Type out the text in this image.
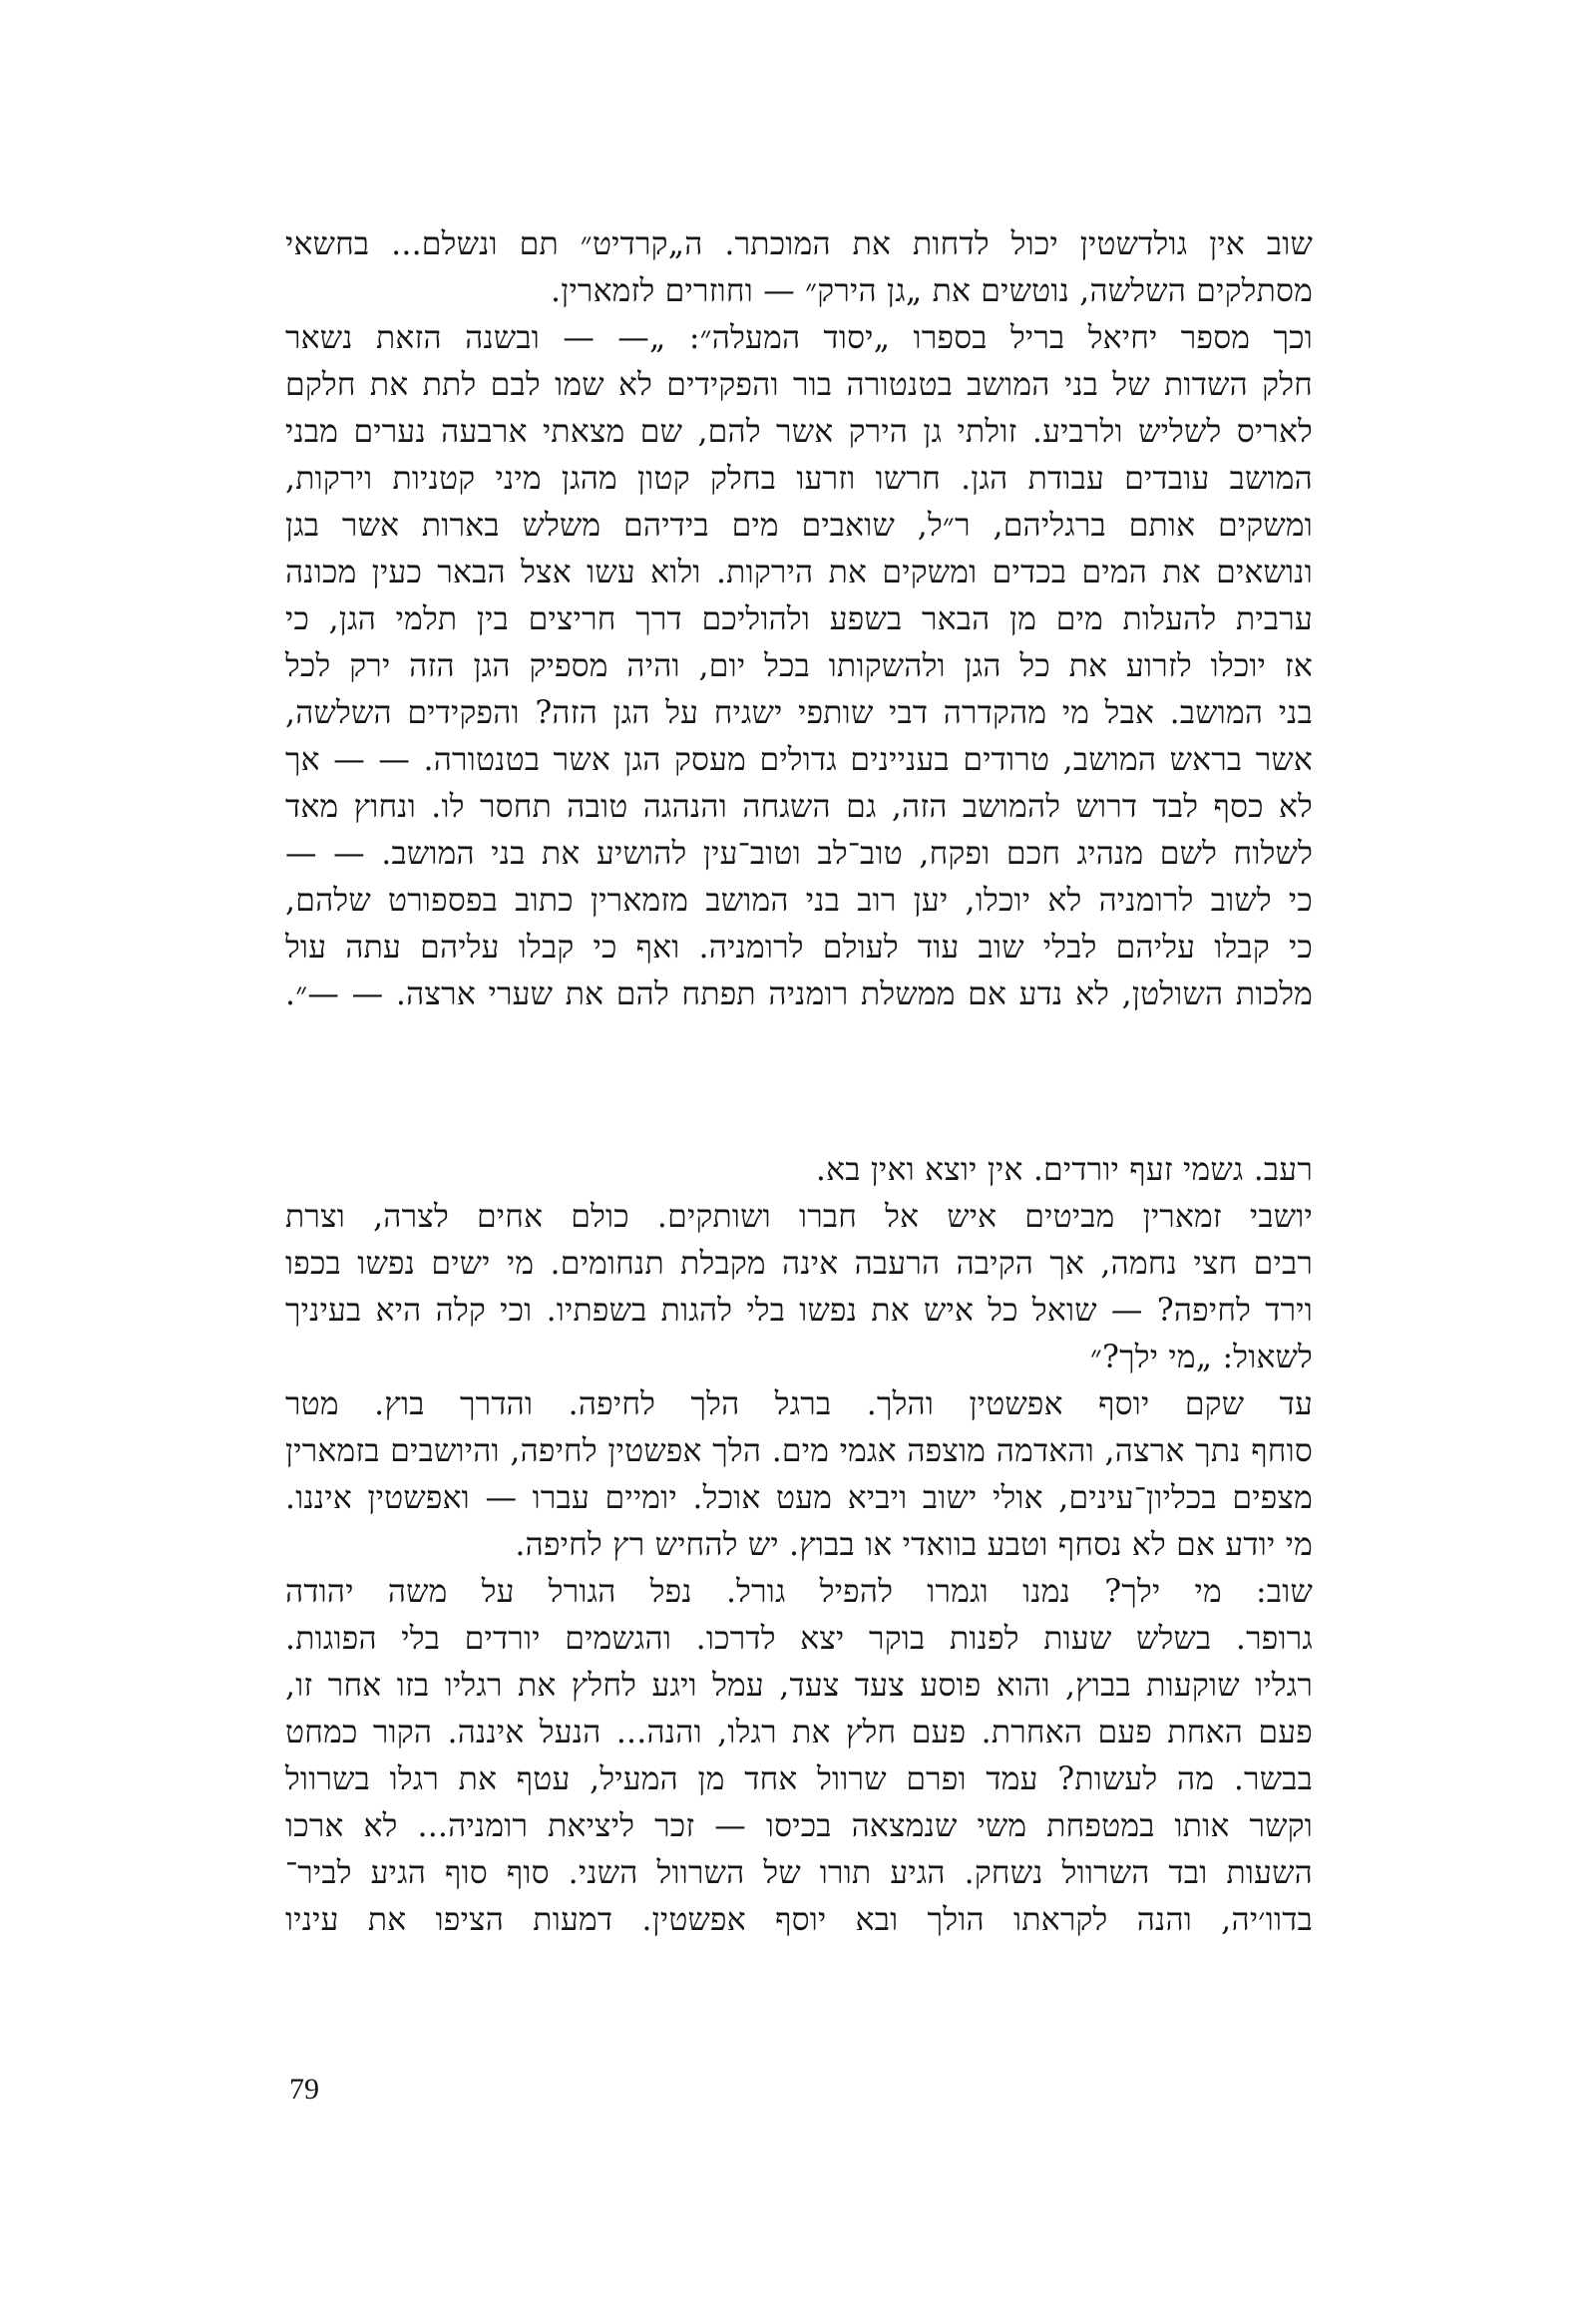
שוב אין גולדשטין יכול לדחות את המוכתר. ה„קרדיט״ תם ונשלם... בחשאי
מסתלקים השלשה, נוטשים את „גן הירק״ — וחוזרים לזמארין.
וכך מספר יחיאל בריל בספרו „יסוד המעלה״: „— — ובשנה הזאת נשאר
חלק השדות של בני המושב בטנטורה בור והפקידים לא שמו לבם לתת את חלקם
לאריס לשליש ולרביע. זולתי גן הירק אשר להם, שם מצאתי ארבעה נערים מבני
המושב עובדים עבודת הגן. חרשו וזרעו בחלק קטון מהגן מיני קטניות וירקות,
ומשקים אותם ברגליהם, ר״ל, שואבים מים בידיהם משלש בארות אשר בגן
ונושאים את המים בכדים ומשקים את הירקות. ולוא עשו אצל הבאר כעין מכונה
ערבית להעלות מים מן הבאר בשפע ולהוליכם דרך חריצים בין תלמי הגן, כי
אז יוכלו לזרוע את כל הגן ולהשקותו בכל יום, והיה מספיק הגן הזה ירק לכל
בני המושב. אבל מי מהקדרה דבי שותפי ישגיח על הגן הזה? והפקידים השלשה,
אשר בראש המושב, טרודים בעניינים גדולים מעסק הגן אשר בטנטורה. — — אך
לא כסף לבד דרוש להמושב הזה, גם השגחה והנהגה טובה תחסר לו. ונחוץ מאד
לשלוח לשם מנהיג חכם ופקח, טוב־לב וטוב־עין להושיע את בני המושב. — —
כי לשוב לרומניה לא יוכלו, יען רוב בני המושב מזמארין כתוב בפספורט שלהם,
כי קבלו עליהם לבלי שוב עוד לעולם לרומניה. ואף כי קבלו עליהם עתה עול
מלכות השולטן, לא נדע אם ממשלת רומניה תפתח להם את שערי ארצה. — —״.
רעב. גשמי זעף יורדים. אין יוצא ואין בא.
יושבי זמארין מביטים איש אל חברו ושותקים. כולם אחים לצרה, וצרת
רבים חצי נחמה, אך הקיבה הרעבה אינה מקבלת תנחומים. מי ישים נפשו בכפו
וירד לחיפה? — שואל כל איש את נפשו בלי להגות בשפתיו. וכי קלה היא בעיניך
לשאול: „מי ילך?״
עד שקם יוסף אפשטין והלך. ברגל הלך לחיפה. והדרך בוץ. מטר
סוחף נתך ארצה, והאדמה מוצפה אגמי מים. הלך אפשטין לחיפה, והיושבים בזמארין
מצפים בכליון־עינים, אולי ישוב ויביא מעט אוכל. יומיים עברו — ואפשטין איננו.
מי יודע אם לא נסחף וטבע בוואדי או בבוץ. יש להחיש רץ לחיפה.
שוב: מי ילך? נמנו וגמרו להפיל גורל. נפל הגורל על משה יהודה
גרופר. בשלש שעות לפנות בוקר יצא לדרכו. והגשמים יורדים בלי הפוגות.
רגליו שוקעות בבוץ, והוא פוסע צעד צעד, עמל ויגע לחלץ את רגליו בזו אחר זו,
פעם האחת פעם האחרת. פעם חלץ את רגלו, והנה... הנעל איננה. הקור כמחט
בבשר. מה לעשות? עמד ופרם שרוול אחד מן המעיל, עטף את רגלו בשרוול
וקשר אותו במטפחת משי שנמצאה בכיסו — זכר ליציאת רומניה... לא ארכו
השעות ובד השרוול נשחק. הגיע תורו של השרוול השני. סוף סוף הגיע לביר־
בדוו׳יה, והנה לקראתו הולך ובא יוסף אפשטין. דמעות הציפו את עיניו
79
